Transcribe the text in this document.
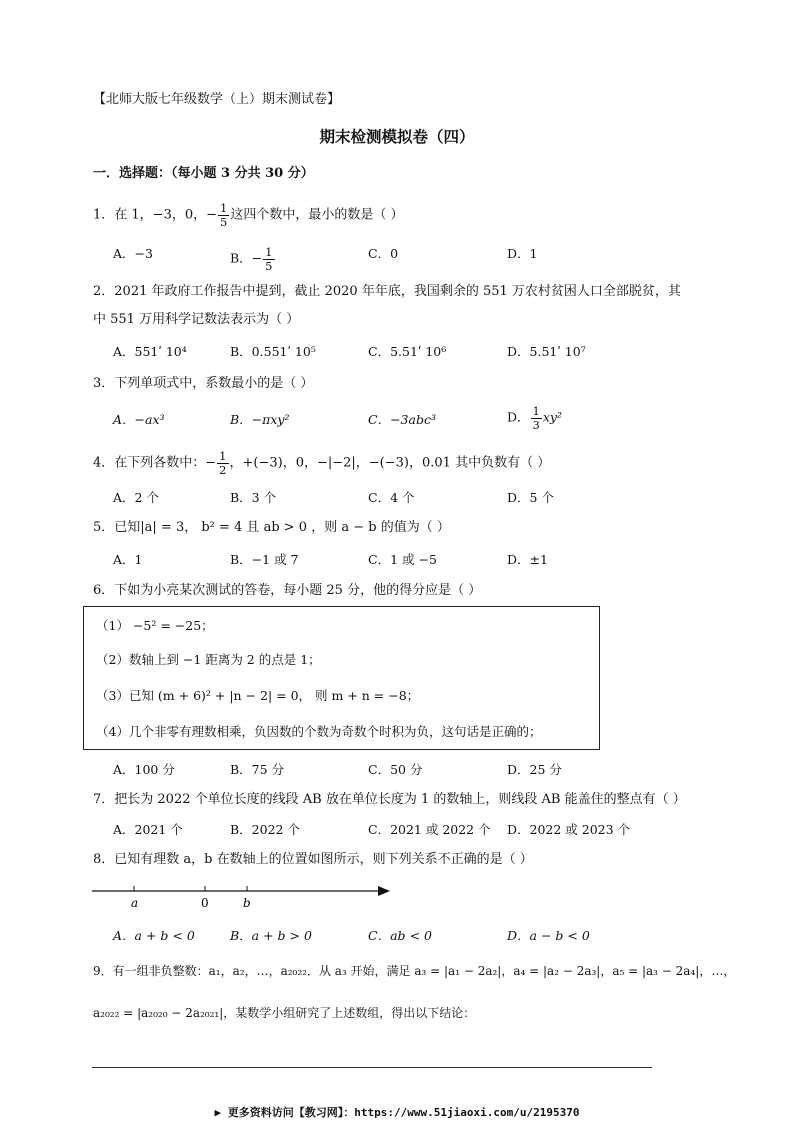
【北师大版七年级数学（上）期末测试卷】
期末检测模拟卷（四）
一．选择题：（每小题 3 分共 30 分）
1．在 1，−3，0，− $\frac{1}{5}$ 这四个数中，最小的数是（ ）
A．−3	B．− $\frac{1}{5}$	C．0	D．1
2．2021 年政府工作报告中提到，截止 2020 年年底，我国剩余的 551 万农村贫困人口全部脱贫，其
中 551 万用科学记数法表示为（ ）
A．551ʹ 10⁴	B．0.551ʹ 10⁵	C．5.51ʹ 10⁶	D．5.51ʹ 10⁷
3．下列单项式中，系数最小的是（ ）
A．−ax³	B．−πxy²	C．−3abc³	D． $\frac{1}{3} xy^2$
4．在下列各数中：− $\frac{1}{2}$ ，+(−3)，0，−|−2|，−(−3)，0.01 其中负数有（ ）
A．2 个	B．3 个	C．4 个	D．5 个
5．已知|a| = 3， b² = 4 且 ab > 0 ，则 a − b 的值为（ ）
A．1	B．−1 或 7	C．1 或 −5	D．±1
6．下如为小亮某次测试的答卷，每小题 25 分，他的得分应是（ ）
（1） −5² = −25；
（2）数轴上到 −1 距离为 2 的点是 1；
（3）已知 (m + 6)² + |n − 2| = 0， 则 m + n = −8；
（4）几个非零有理数相乘，负因数的个数为奇数个时积为负，这句话是正确的；
A．100 分	B．75 分	C．50 分	D．25 分
7．把长为 2022 个单位长度的线段 AB 放在单位长度为 1 的数轴上，则线段 AB 能盖住的整点有（ ）
A．2021 个	B．2022 个	C．2021 或 2022 个 D．2022 或 2023 个
8．已知有理数 a，b 在数轴上的位置如图所示，则下列关系不正确的是（ ）
a	0	b
A．a + b < 0	B．a + b > 0	C．ab < 0	D．a − b < 0
9．有一组非负整数：a₁，a₂，…，a₂₀₂₂．从 a₃ 开始，满足 a₃ = |a₁ − 2a₂|，a₄ = |a₂ − 2a₃|，a₅ = |a₃ − 2a₄|，…，
a₂₀₂₂ = |a₂₀₂₀ − 2a₂₀₂₁|，某数学小组研究了上述数组，得出以下结论：
▶ 更多资料访问【教习网】：https://www.51jiaoxi.com/u/2195370
